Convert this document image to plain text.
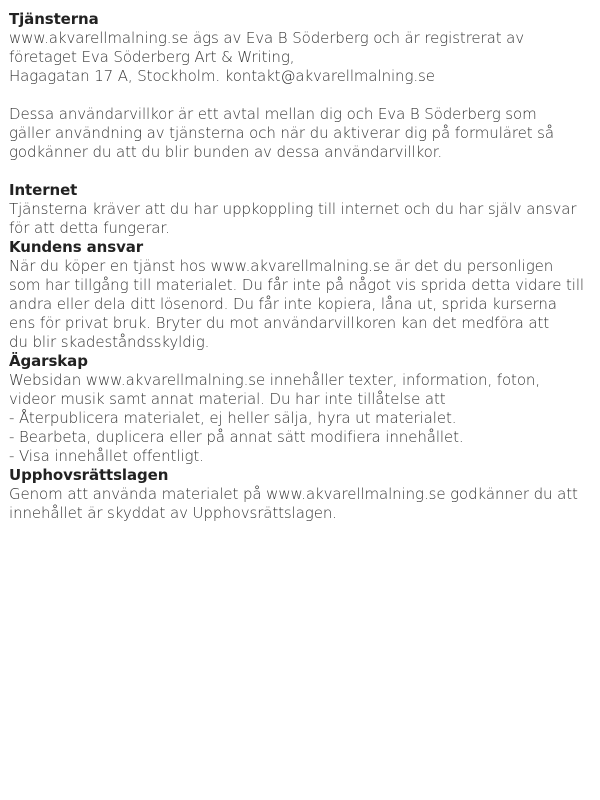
Tjänsterna

www.akvarellmalning.se ägs av Eva B Söderberg och är registrerat av

företaget Eva Söderberg Art & Writing,

Hagagatan 17 A, Stockholm. kontakt@akvarellmalning.se

Dessa användarvillkor är ett avtal mellan dig och Eva B Söderberg som

gäller användning av tjänsterna och när du aktiverar dig på formuläret så

godkänner du att du blir bunden av dessa användarvillkor.

Internet

Tjänsterna kräver att du har uppkoppling till internet och du har själv ansvar

för att detta fungerar.

Kundens ansvar

När du köper en tjänst hos www.akvarellmalning.se är det du personligen

som har tillgång till materialet. Du får inte på något vis sprida detta vidare till

andra eller dela ditt lösenord. Du får inte kopiera, låna ut, sprida kurserna

ens för privat bruk. Bryter du mot användarvillkoren kan det medföra att

du blir skadeståndsskyldig.

Ägarskap

Websidan www.akvarellmalning.se innehåller texter, information, foton,

videor musik samt annat material. Du har inte tillåtelse att

- Återpublicera materialet, ej heller sälja, hyra ut materialet.

- Bearbeta, duplicera eller på annat sätt modifiera innehållet.

- Visa innehållet offentligt.

Upphovsrättslagen

Genom att använda materialet på www.akvarellmalning.se godkänner du att

innehållet är skyddat av Upphovsrättslagen.
